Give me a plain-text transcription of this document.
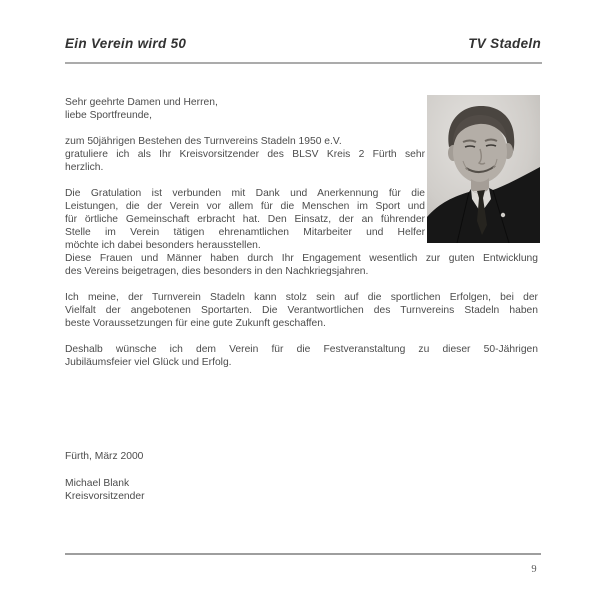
Ein Verein wird 50	TV Stadeln
Sehr geehrte Damen und Herren,
liebe Sportfreunde,
zum 50jährigen Bestehen des Turnvereins Stadeln 1950 e.V.
gratuliere ich als Ihr Kreisvorsitzender des BLSV Kreis 2 Fürth sehr
herzlich.
Die Gratulation ist verbunden mit Dank und Anerkennung für die
Leistungen, die der Verein vor allem für die Menschen im Sport und
für örtliche Gemeinschaft erbracht hat. Den Einsatz, der an führender
Stelle im Verein tätigen ehrenamtlichen Mitarbeiter und Helfer
möchte ich dabei besonders herausstellen.
Diese Frauen und Männer haben durch Ihr Engagement wesentlich zur guten Entwicklung
des Vereins beigetragen, dies besonders in den Nachkriegsjahren.
Ich meine, der Turnverein Stadeln kann stolz sein auf die sportlichen Erfolgen, bei der
Vielfalt der angebotenen Sportarten. Die Verantwortlichen des Turnvereins Stadeln haben
beste Voraussetzungen für eine gute Zukunft geschaffen.
Deshalb wünsche ich dem Verein für die Festveranstaltung zu dieser 50-Jährigen
Jubiläumsfeier viel Glück und Erfolg.
Fürth, März 2000
Michael Blank
Kreisvorsitzender
9
